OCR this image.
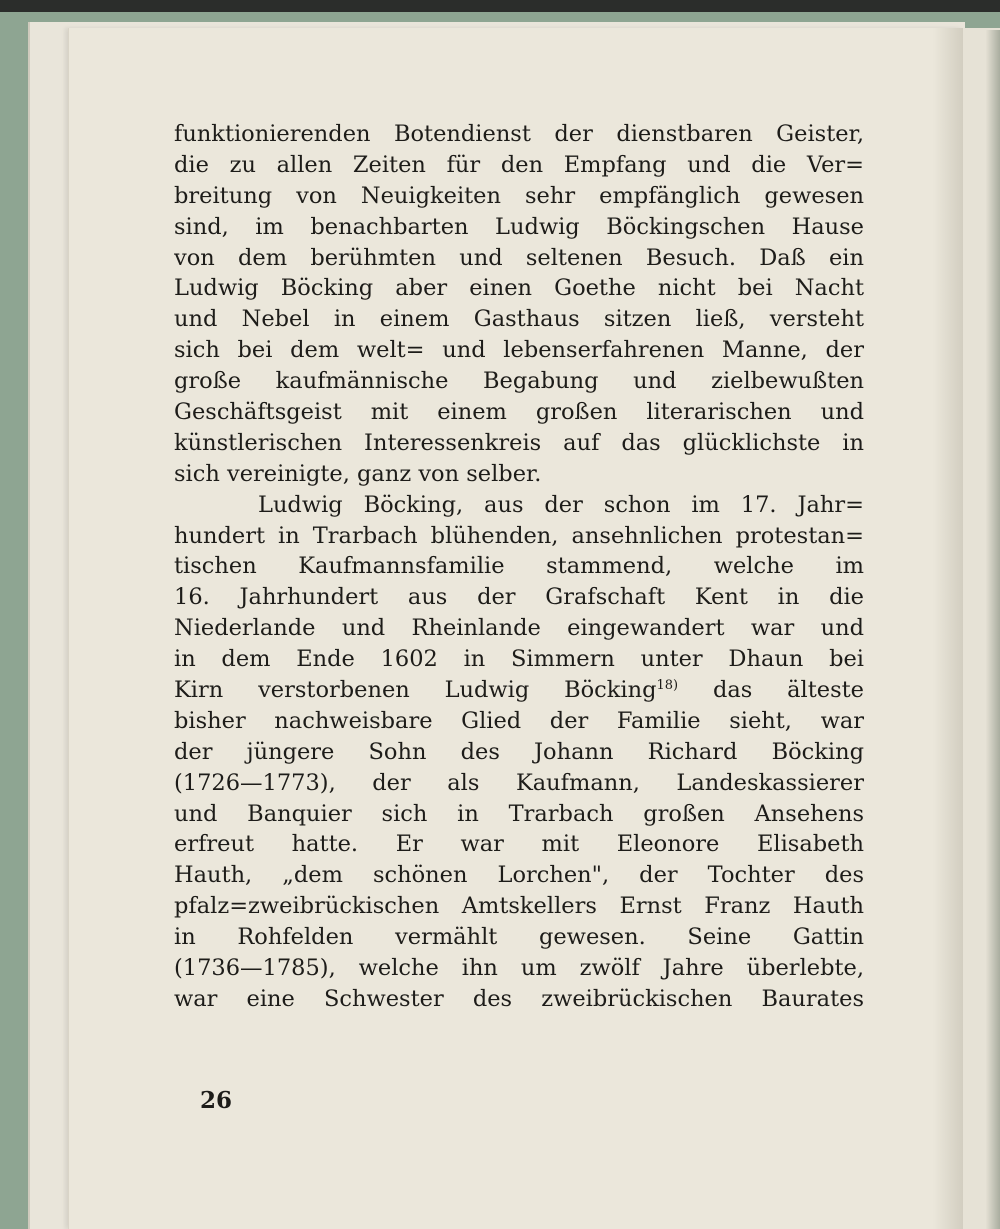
funktionierenden Botendienst der dienstbaren Geister,
die zu allen Zeiten für den Empfang und die Ver=
breitung von Neuigkeiten sehr empfänglich gewesen
sind, im benachbarten Ludwig Böckingschen Hause
von dem berühmten und seltenen Besuch. Daß ein
Ludwig Böcking aber einen Goethe nicht bei Nacht
und Nebel in einem Gasthaus sitzen ließ, versteht
sich bei dem welt= und lebenserfahrenen Manne, der
große kaufmännische Begabung und zielbewußten
Geschäftsgeist mit einem großen literarischen und
künstlerischen Interessenkreis auf das glücklichste in
sich vereinigte, ganz von selber.
Ludwig Böcking, aus der schon im 17. Jahr=
hundert in Trarbach blühenden, ansehnlichen protestan=
tischen Kaufmannsfamilie stammend, welche im
16. Jahrhundert aus der Grafschaft Kent in die
Niederlande und Rheinlande eingewandert war und
in dem Ende 1602 in Simmern unter Dhaun bei
Kirn verstorbenen Ludwig Böcking$^{18)}$ das älteste
bisher nachweisbare Glied der Familie sieht, war
der jüngere Sohn des Johann Richard Böcking
(1726—1773), der als Kaufmann, Landeskassierer
und Banquier sich in Trarbach großen Ansehens
erfreut hatte. Er war mit Eleonore Elisabeth
Hauth, „dem schönen Lorchen", der Tochter des
pfalz=zweibrückischen Amtskellers Ernst Franz Hauth
in Rohfelden vermählt gewesen. Seine Gattin
(1736—1785), welche ihn um zwölf Jahre überlebte,
war eine Schwester des zweibrückischen Baurates
26
